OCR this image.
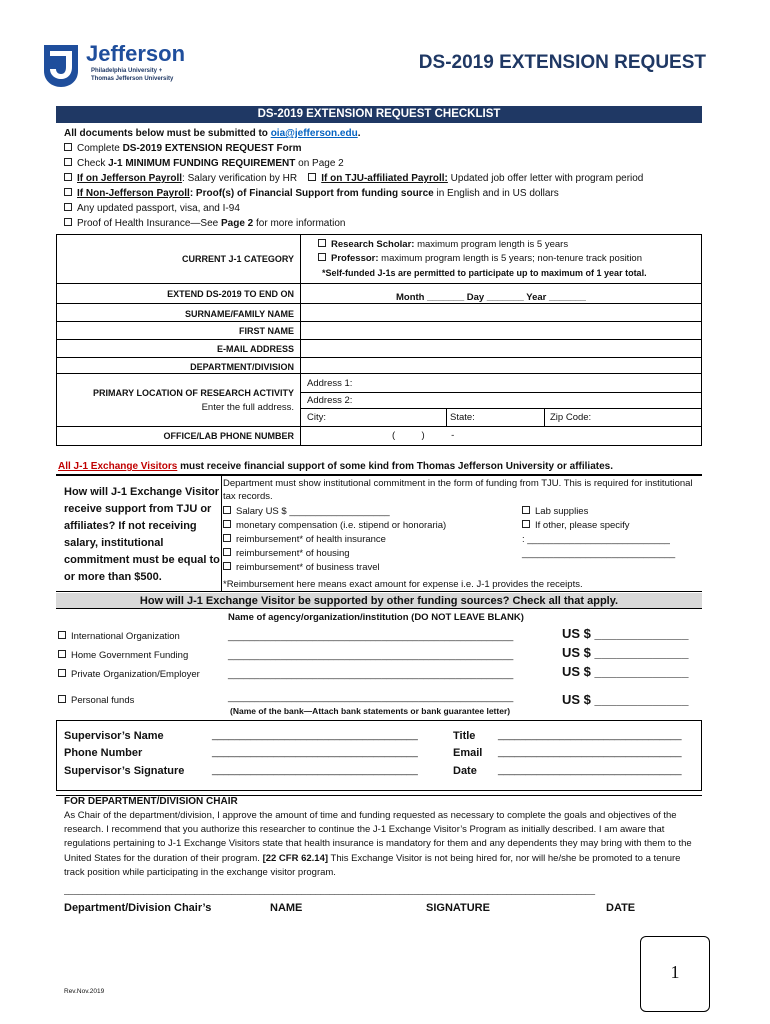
Jefferson
Philadelphia University +
Thomas Jefferson University
DS-2019 EXTENSION REQUEST
DS-2019 EXTENSION REQUEST CHECKLIST
All documents below must be submitted to oia@jefferson.edu.
Complete DS-2019 EXTENSION REQUEST Form
Check J-1 MINIMUM FUNDING REQUIREMENT on Page 2
If on Jefferson Payroll: Salary verification by HR If on TJU-affiliated Payroll: Updated job offer letter with program period
If Non-Jefferson Payroll: Proof(s) of Financial Support from funding source in English and in US dollars
Any updated passport, visa, and I-94
Proof of Health Insurance—See Page 2 for more information
CURRENT J-1 CATEGORY
Research Scholar: maximum program length is 5 years
Professor: maximum program length is 5 years; non-tenure track position
*Self-funded J-1s are permitted to participate up to maximum of 1 year total.
EXTEND DS-2019 TO END ON	Month _______ Day _______ Year _______
SURNAME/FAMILY NAME
FIRST NAME
E-MAIL ADDRESS
DEPARTMENT/DIVISION
PRIMARY LOCATION OF RESEARCH ACTIVITY
Enter the full address.
Address 1:
Address 2:
City:	State:	Zip Code:
OFFICE/LAB PHONE NUMBER	(          )          -
All J-1 Exchange Visitors must receive financial support of some kind from Thomas Jefferson University or affiliates.
How will J-1 Exchange Visitor receive support from TJU or affiliates? If not receiving salary, institutional commitment must be equal to or more than $500.
Department must show institutional commitment in the form of funding from TJU. This is required for institutional tax records.
Salary US $ ___________________
monetary compensation (i.e. stipend or honoraria)
reimbursement* of health insurance
reimbursement* of housing
reimbursement* of business travel
Lab supplies
If other, please specify
: ___________________________
_____________________________
*Reimbursement here means exact amount for expense i.e. J-1 provides the receipts.
How will J-1 Exchange Visitor be supported by other funding sources? Check all that apply.
Name of agency/organization/institution (DO NOT LEAVE BLANK)
International Organization	______________________________________________________	US $ _____________
Home Government Funding	______________________________________________________	US $ _____________
Private Organization/Employer	______________________________________________________	US $ _____________
Personal funds	______________________________________________________	US $ _____________
(Name of the bank—Attach bank statements or bank guarantee letter)
Supervisor’s Name	_____________________________________	Title _________________________________
Phone Number	_____________________________________	Email _________________________________
Supervisor’s Signature	_____________________________________	Date _________________________________
FOR DEPARTMENT/DIVISION CHAIR
As Chair of the department/division, I approve the amount of time and funding requested as necessary to complete the goals and objectives of the research. I recommend that you authorize this researcher to continue the J-1 Exchange Visitor’s Program as initially described. I am aware that regulations pertaining to J-1 Exchange Visitors state that health insurance is mandatory for them and any dependents they may bring with them to the United States for the duration of their program. [22 CFR 62.14] This Exchange Visitor is not being hired for, nor will he/she be promoted to a tenure track position while participating in the exchange visitor program.
__________________________________________________________________________________________________________________
Department/Division Chair’s	NAME	SIGNATURE	DATE
1
Rev.Nov.2019
